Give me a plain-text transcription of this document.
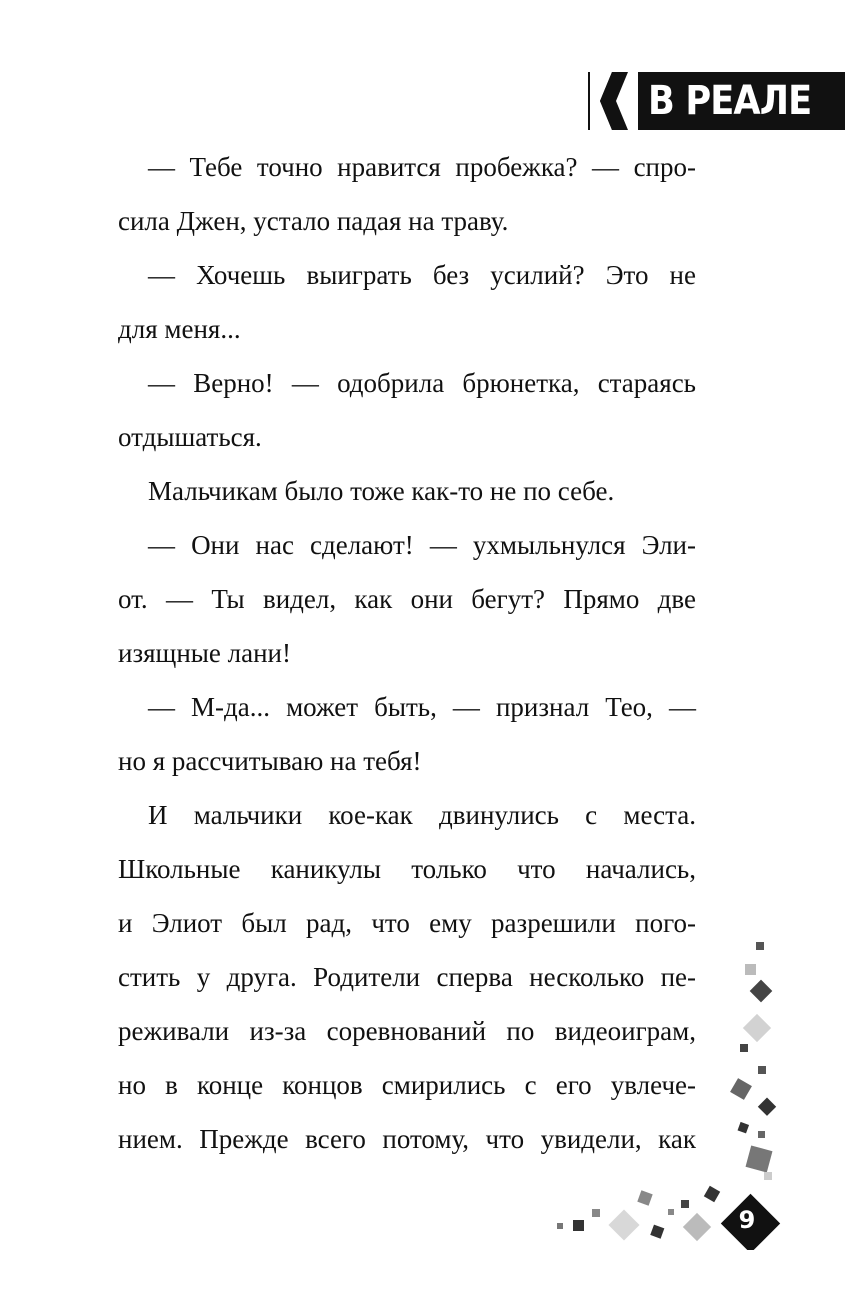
В РЕАЛЕ
— Тебе точно нравится пробежка? — спро-
сила Джен, устало падая на траву.
— Хочешь выиграть без усилий? Это не
для меня...
— Верно! — одобрила брюнетка, стараясь
отдышаться.
Мальчикам было тоже как-то не по себе.
— Они нас сделают! — ухмыльнулся Эли-
от. — Ты видел, как они бегут? Прямо две
изящные лани!
— М-да... может быть, — признал Тео, —
но я рассчитываю на тебя!
И мальчики кое-как двинулись с места.
Школьные каникулы только что начались,
и Элиот был рад, что ему разрешили пого-
стить у друга. Родители сперва несколько пе-
реживали из-за соревнований по видеоиграм,
но в конце концов смирились с его увлече-
нием. Прежде всего потому, что увидели, как
9
